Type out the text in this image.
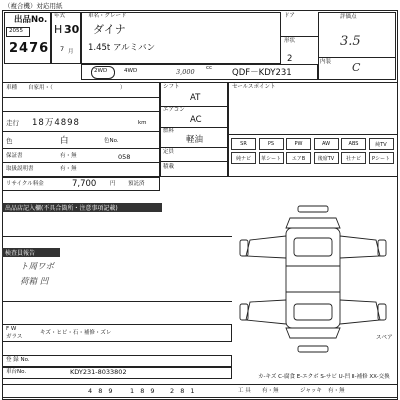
（複合機）対応用紙
出品No.
2055
2476
年式
H 30
7 月
車名・グレード
ダイナ
1.45t アルミバン
ドア
形状
2
2WD	4WD	3,000 cc QDF－KDY231
評価点
3.5
内装 C
車種 自家用・（	）
走行 18万4898	km
色	白	色No.
保証書	有・無	058
取扱説明書	有・無
リサイクル料金	7,700 円 預託済
シフト
AT
エアコン
AC
燃料
軽油
定員
積載
セールスポイント
SR	PS	PW	AW	ABS	純TV
純ナビ	革シート	エアB	後席TV	社ナビ	Pシート
出品店記入欄(不具合箇所・注意事項記載)
検査員報告
ト周ワボ
荷箱 凹
スペア
F W
ガラス
キズ・ヒビ・石・補修・ズレ
登 録 No.
車台No.	KDY231-8033802
カ-キズ C-腐食 E-エクボ S-サビ U-凹 Ⅱ-補修 XX-交換
4 8 9 1 8 9 2 8 1	工 具 有・無	ジャッキ 有・無
